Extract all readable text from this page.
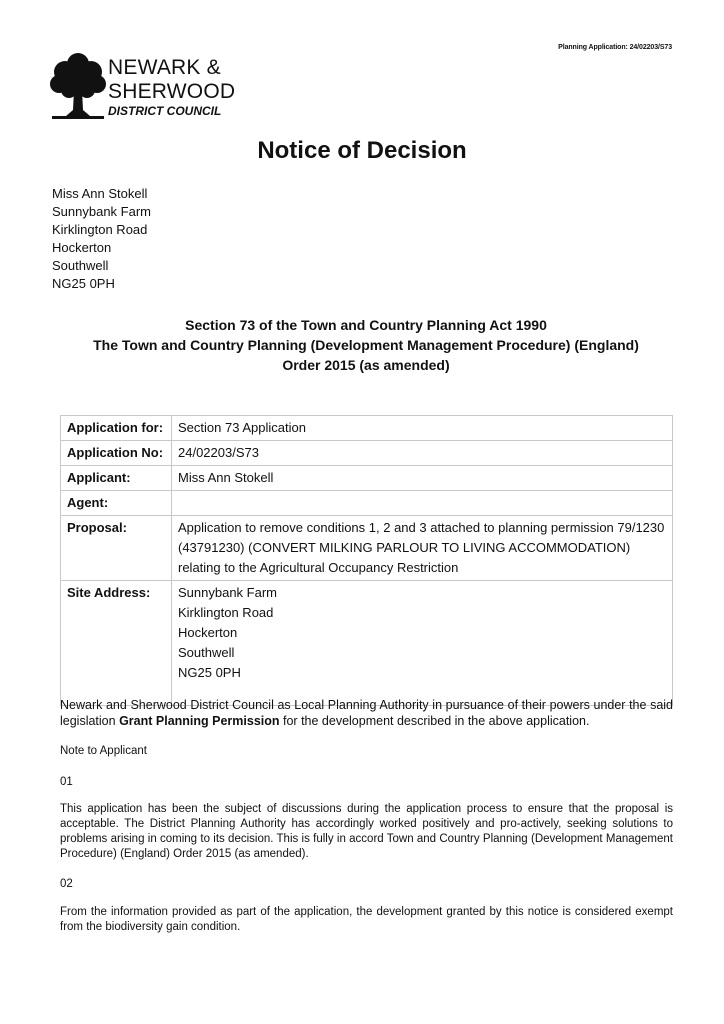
Planning Application: 24/02203/S73
NEWARK &
SHERWOOD
DISTRICT COUNCIL
Notice of Decision
Miss Ann Stokell
Sunnybank Farm
Kirklington Road
Hockerton
Southwell
NG25 0PH
Section 73 of the Town and Country Planning Act 1990
The Town and Country Planning (Development Management Procedure) (England)
Order 2015 (as amended)
Application for:	Section 73 Application
Application No:	24/02203/S73
Applicant:	Miss Ann Stokell
Agent:	
Proposal:	Application to remove conditions 1, 2 and 3 attached to planning permission 79/1230 (43791230) (CONVERT MILKING PARLOUR TO LIVING ACCOMMODATION) relating to the Agricultural Occupancy Restriction
Site Address:	Sunnybank Farm
Kirklington Road
Hockerton
Southwell
NG25 0PH
Newark and Sherwood District Council as Local Planning Authority in pursuance of their powers under the said legislation Grant Planning Permission for the development described in the above application.
Note to Applicant
01
This application has been the subject of discussions during the application process to ensure that the proposal is acceptable. The District Planning Authority has accordingly worked positively and pro-actively, seeking solutions to problems arising in coming to its decision. This is fully in accord Town and Country Planning (Development Management Procedure) (England) Order 2015 (as amended).
02
From the information provided as part of the application, the development granted by this notice is considered exempt from the biodiversity gain condition.
